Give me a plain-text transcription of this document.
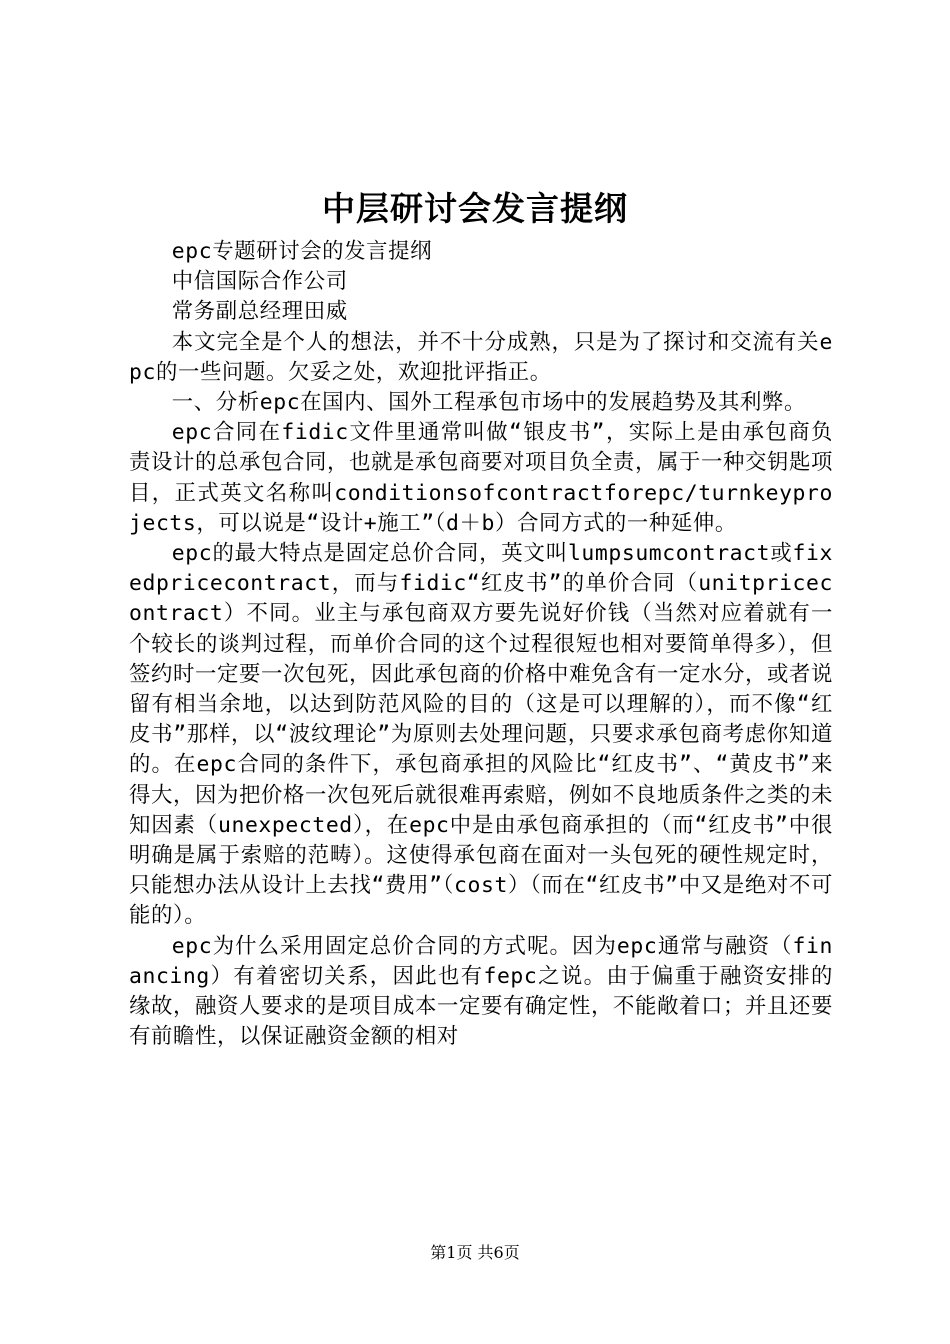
中层研讨会发言提纲

epc专题研讨会的发言提纲

中信国际合作公司

常务副总经理田威

本文完全是个人的想法，并不十分成熟，只是为了探讨和交流有关epc的一些问题。欠妥之处，欢迎批评指正。

一、分析epc在国内、国外工程承包市场中的发展趋势及其利弊。

epc合同在fidic文件里通常叫做“银皮书”，实际上是由承包商负责设计的总承包合同，也就是承包商要对项目负全责，属于一种交钥匙项目，正式英文名称叫conditionsofcontractforepc/turnkeyprojects，可以说是“设计+施工”（d＋b）合同方式的一种延伸。

epc的最大特点是固定总价合同，英文叫lumpsumcontract或fixedpricecontract，而与fidic“红皮书”的单价合同（unitpricecontract）不同。业主与承包商双方要先说好价钱（当然对应着就有一个较长的谈判过程，而单价合同的这个过程很短也相对要简单得多），但签约时一定要一次包死，因此承包商的价格中难免含有一定水分，或者说留有相当余地，以达到防范风险的目的（这是可以理解的），而不像“红皮书”那样，以“波纹理论”为原则去处理问题，只要求承包商考虑你知道的。在epc合同的条件下，承包商承担的风险比“红皮书”、“黄皮书”来得大，因为把价格一次包死后就很难再索赔，例如不良地质条件之类的未知因素（unexpected），在epc中是由承包商承担的（而“红皮书”中很明确是属于索赔的范畴）。这使得承包商在面对一头包死的硬性规定时，只能想办法从设计上去找“费用”（cost）（而在“红皮书”中又是绝对不可能的）。

epc为什么采用固定总价合同的方式呢。因为epc通常与融资（financing）有着密切关系，因此也有fepc之说。由于偏重于融资安排的缘故，融资人要求的是项目成本一定要有确定性，不能敞着口；并且还要有前瞻性，以保证融资金额的相对

第1页 共6页
